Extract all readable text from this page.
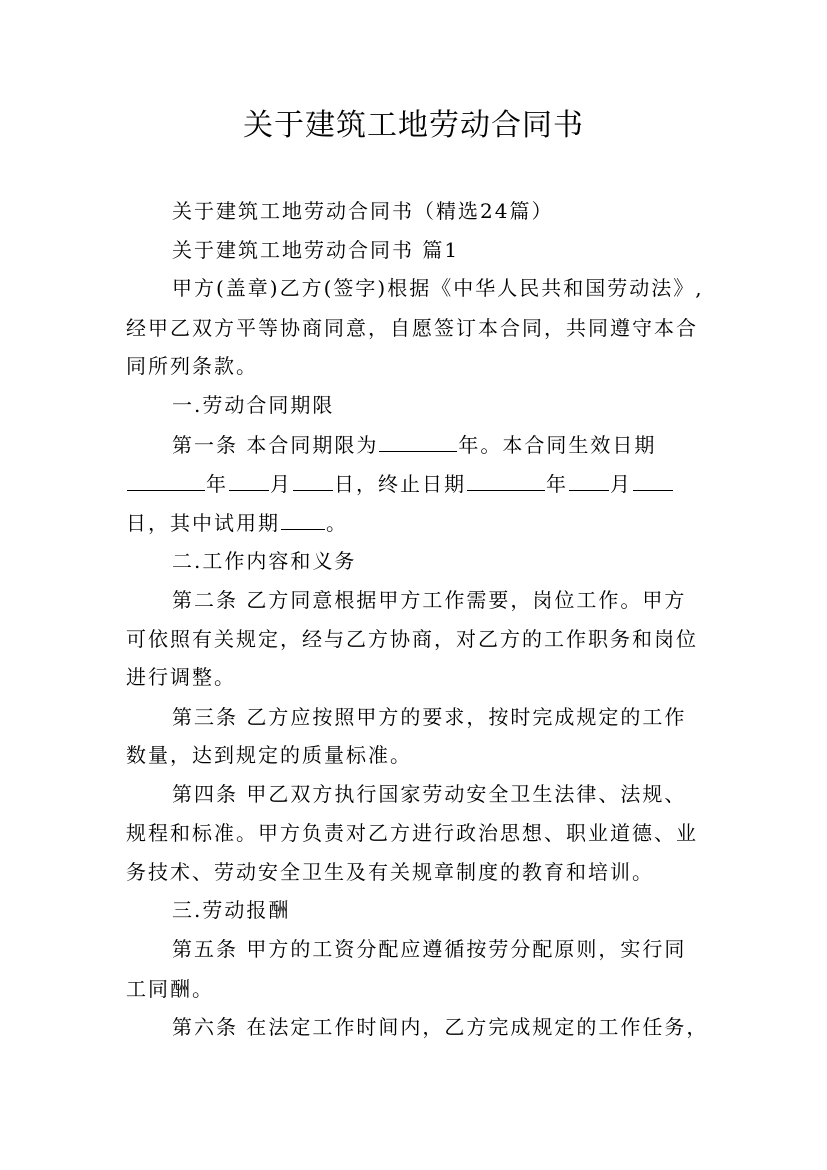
关于建筑工地劳动合同书
关于建筑工地劳动合同书（精选24篇）
关于建筑工地劳动合同书 篇1
甲方(盖章)乙方(签字)根据《中华人民共和国劳动法》,
经甲乙双方平等协商同意，自愿签订本合同，共同遵守本合
同所列条款。
一.劳动合同期限
第一条 本合同期限为	年。本合同生效日期
年 月 日，终止日期	年 月
日，其中试用期 。
二.工作内容和义务
第二条 乙方同意根据甲方工作需要，岗位工作。甲方
可依照有关规定，经与乙方协商，对乙方的工作职务和岗位
进行调整。
第三条 乙方应按照甲方的要求，按时完成规定的工作
数量，达到规定的质量标准。
第四条 甲乙双方执行国家劳动安全卫生法律、法规、
规程和标准。甲方负责对乙方进行政治思想、职业道德、业
务技术、劳动安全卫生及有关规章制度的教育和培训。
三.劳动报酬
第五条 甲方的工资分配应遵循按劳分配原则，实行同
工同酬。
第六条 在法定工作时间内，乙方完成规定的工作任务，
